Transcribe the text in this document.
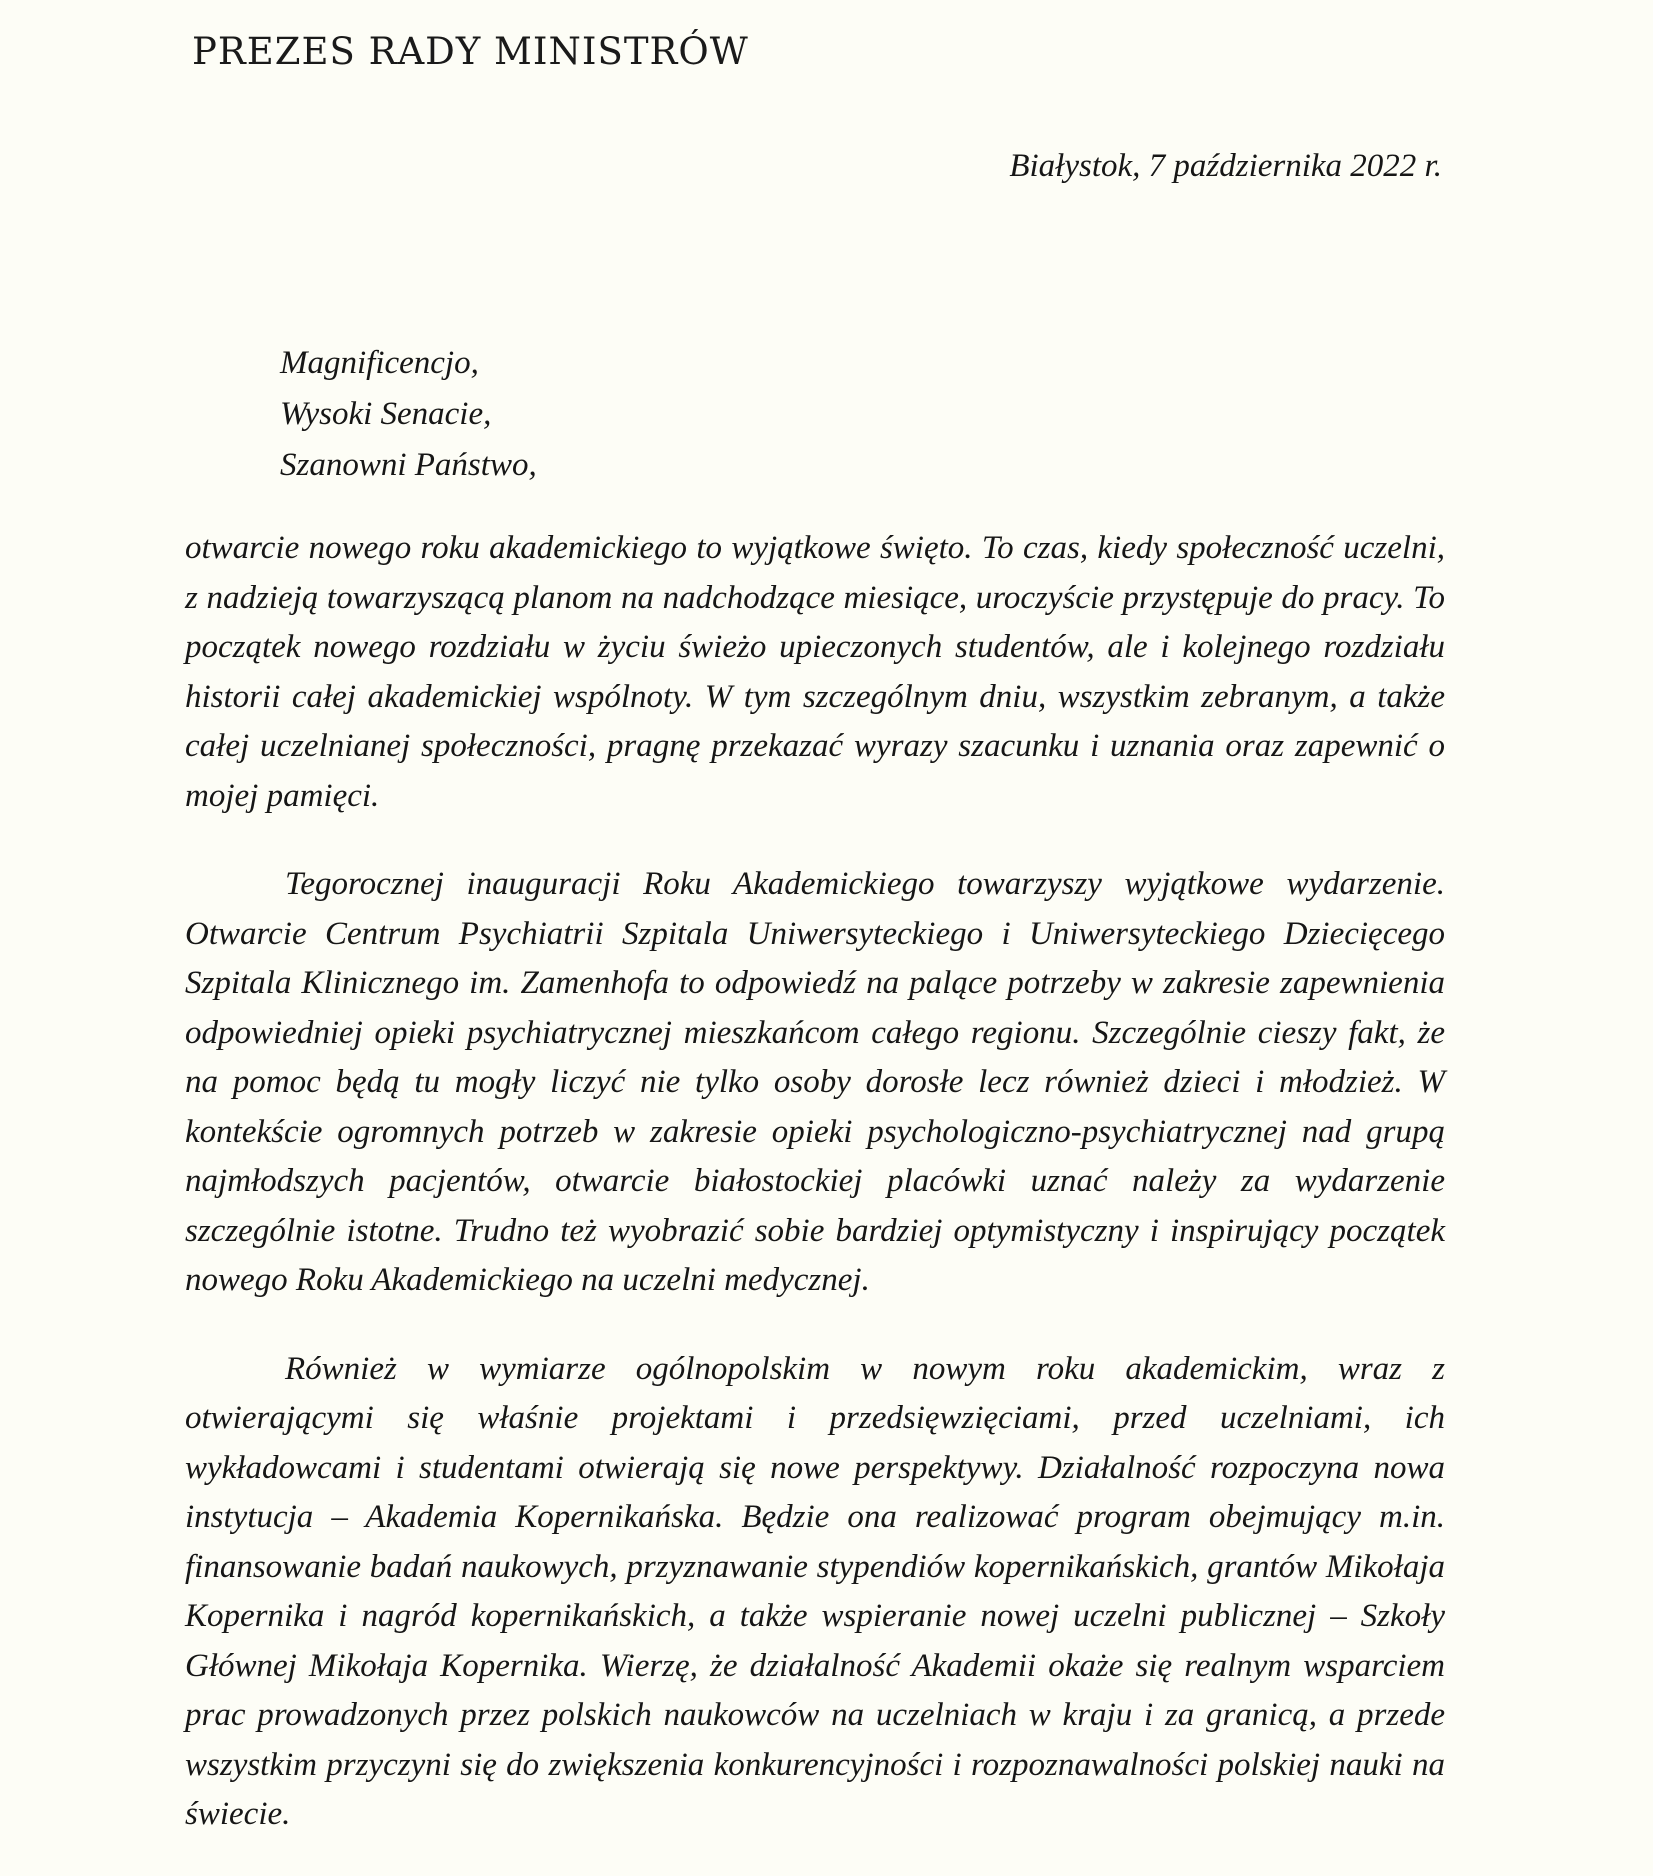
PREZES RADY MINISTRÓW
Białystok, 7 października 2022 r.
Magnificencjo,
Wysoki Senacie,
Szanowni Państwo,

otwarcie nowego roku akademickiego to wyjątkowe święto. To czas, kiedy społeczność uczelni, z nadzieją towarzyszącą planom na nadchodzące miesiące, uroczyście przystępuje do pracy. To początek nowego rozdziału w życiu świeżo upieczonych studentów, ale i kolejnego rozdziału historii całej akademickiej wspólnoty. W tym szczególnym dniu, wszystkim zebranym, a także całej uczelnianej społeczności, pragnę przekazać wyrazy szacunku i uznania oraz zapewnić o mojej pamięci.

Tegorocznej inauguracji Roku Akademickiego towarzyszy wyjątkowe wydarzenie. Otwarcie Centrum Psychiatrii Szpitala Uniwersyteckiego i Uniwersyteckiego Dziecięcego Szpitala Klinicznego im. Zamenhofa to odpowiedź na palące potrzeby w zakresie zapewnienia odpowiedniej opieki psychiatrycznej mieszkańcom całego regionu. Szczególnie cieszy fakt, że na pomoc będą tu mogły liczyć nie tylko osoby dorosłe lecz również dzieci i młodzież. W kontekście ogromnych potrzeb w zakresie opieki psychologiczno-psychiatrycznej nad grupą najmłodszych pacjentów, otwarcie białostockiej placówki uznać należy za wydarzenie szczególnie istotne. Trudno też wyobrazić sobie bardziej optymistyczny i inspirujący początek nowego Roku Akademickiego na uczelni medycznej.

Również w wymiarze ogólnopolskim w nowym roku akademickim, wraz z otwierającymi się właśnie projektami i przedsięwzięciami, przed uczelniami, ich wykładowcami i studentami otwierają się nowe perspektywy. Działalność rozpoczyna nowa instytucja – Akademia Kopernikańska. Będzie ona realizować program obejmujący m.in. finansowanie badań naukowych, przyznawanie stypendiów kopernikańskich, grantów Mikołaja Kopernika i nagród kopernikańskich, a także wspieranie nowej uczelni publicznej – Szkoły Głównej Mikołaja Kopernika. Wierzę, że działalność Akademii okaże się realnym wsparciem prac prowadzonych przez polskich naukowców na uczelniach w kraju i za granicą, a przede wszystkim przyczyni się do zwiększenia konkurencyjności i rozpoznawalności polskiej nauki na świecie.
